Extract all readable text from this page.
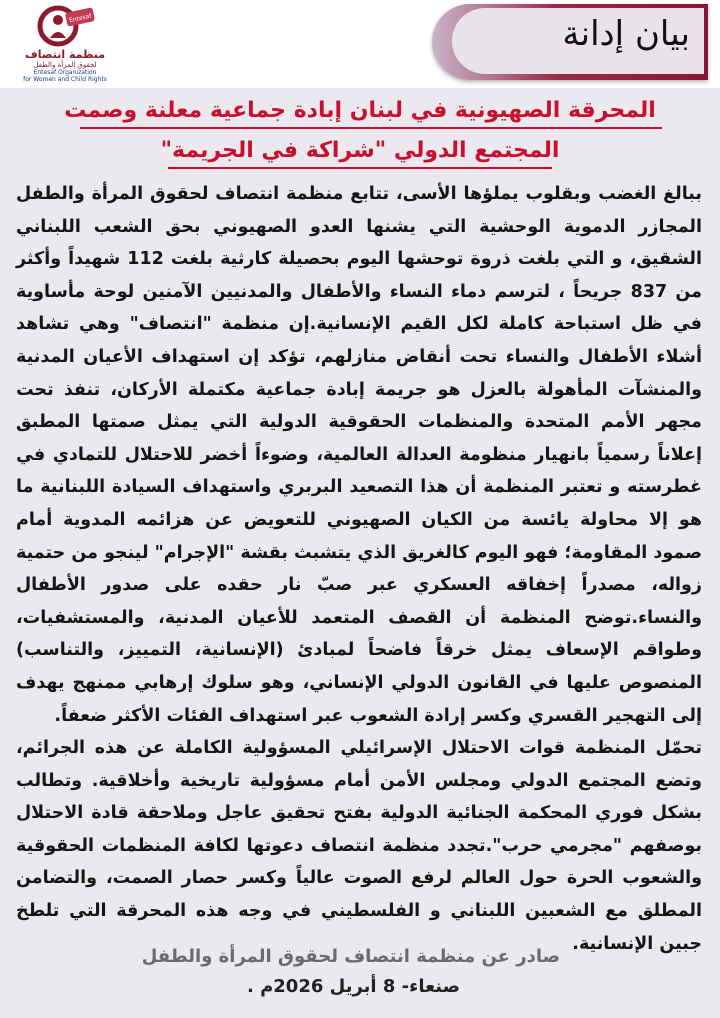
Entesaf
منظمة انتصاف
لحقوق المرأة والطفل
Entesaf Organization
for Women and Child Rights
بيان إدانة
المحرقة الصهيونية في لبنان إبادة جماعية معلنة وصمت
المجتمع الدولي "شراكة في الجريمة"

ببالغ الغضب وبقلوب يملؤها الأسى، تتابع منظمة انتصاف لحقوق المرأة والطفل المجازر الدموية الوحشية التي يشنها العدو الصهيوني بحق الشعب اللبناني الشقيق، و التي بلغت ذروة توحشها اليوم بحصيلة كارثية بلغت 112 شهيداً وأكثر من 837 جريحاً ، لترسم دماء النساء والأطفال والمدنيين الآمنين لوحة مأساوية في ظل استباحة كاملة لكل القيم الإنسانية.إن منظمة "انتصاف" وهي تشاهد أشلاء الأطفال والنساء تحت أنقاض منازلهم، تؤكد إن استهداف الأعيان المدنية والمنشآت المأهولة بالعزل هو جريمة إبادة جماعية مكتملة الأركان، تنفذ تحت مجهر الأمم المتحدة والمنظمات الحقوقية الدولية التي يمثل صمتها المطبق إعلاناً رسمياً بانهيار منظومة العدالة العالمية، وضوءاً أخضر للاحتلال للتمادي في غطرسته و تعتبر المنظمة أن هذا التصعيد البربري واستهداف السيادة اللبنانية ما هو إلا محاولة يائسة من الكيان الصهيوني للتعويض عن هزائمه المدوية أمام صمود المقاومة؛ فهو اليوم كالغريق الذي يتشبث بقشة "الإجرام" لينجو من حتمية زواله، مصدراً إخفاقه العسكري عبر صبّ نار حقده على صدور الأطفال والنساء.توضح المنظمة أن القصف المتعمد للأعيان المدنية، والمستشفيات، وطواقم الإسعاف يمثل خرقاً فاضحاً لمبادئ (الإنسانية، التمييز، والتناسب) المنصوص عليها في القانون الدولي الإنساني، وهو سلوك إرهابي ممنهج يهدف إلى التهجير القسري وكسر إرادة الشعوب عبر استهداف الفئات الأكثر ضعفاً.

تحمّل المنظمة قوات الاحتلال الإسرائيلي المسؤولية الكاملة عن هذه الجرائم، وتضع المجتمع الدولي ومجلس الأمن أمام مسؤولية تاريخية وأخلاقية. وتطالب بشكل فوري المحكمة الجنائية الدولية بفتح تحقيق عاجل وملاحقة قادة الاحتلال بوصفهم "مجرمي حرب".تجدد منظمة انتصاف دعوتها لكافة المنظمات الحقوقية والشعوب الحرة حول العالم لرفع الصوت عالياً وكسر حصار الصمت، والتضامن المطلق مع الشعبين اللبناني و الفلسطيني في وجه هذه المحرقة التي تلطخ جبين الإنسانية.

صادر عن منظمة انتصاف لحقوق المرأة والطفل
صنعاء- 8 أبريل 2026م .
